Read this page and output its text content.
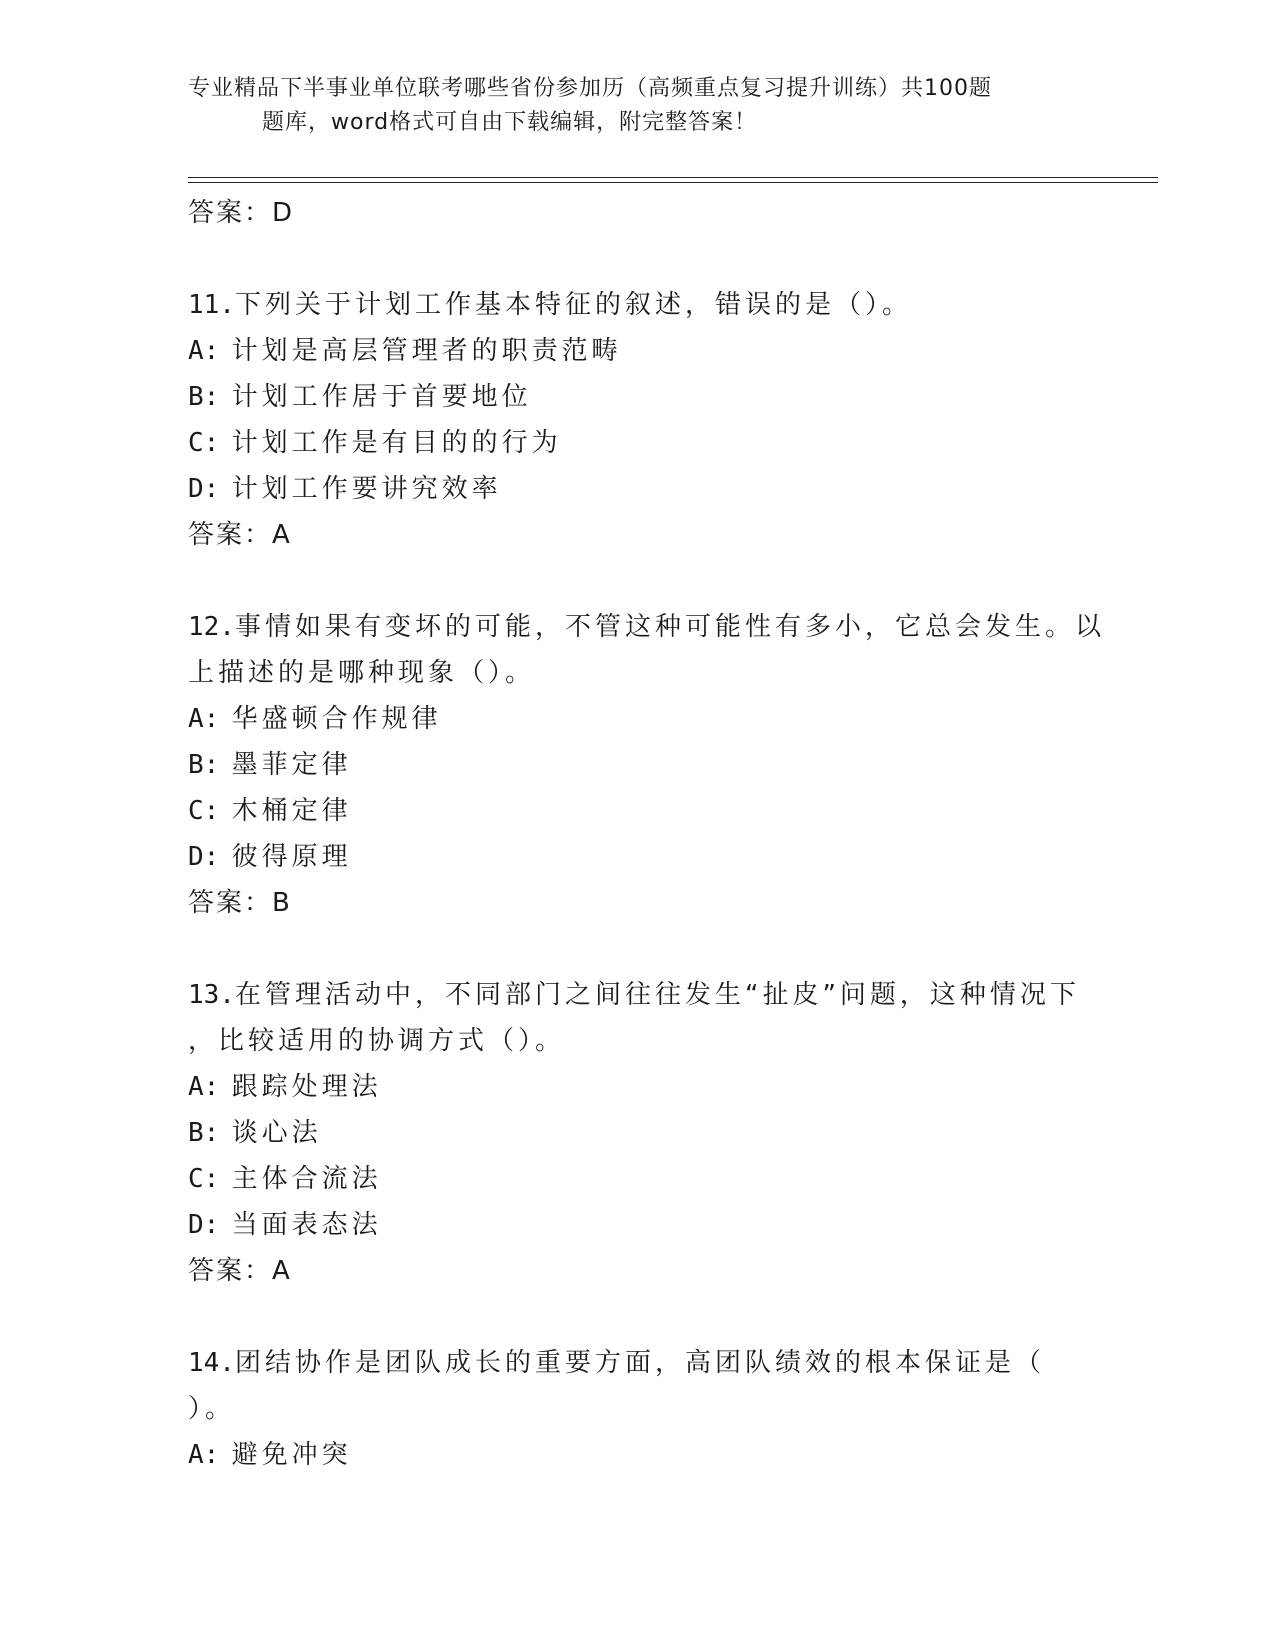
专业精品下半事业单位联考哪些省份参加历（高频重点复习提升训练）共100题
题库，word格式可自由下载编辑，附完整答案！
答案：D
11.下列关于计划工作基本特征的叙述，错误的是（）。
A: 计划是高层管理者的职责范畴
B: 计划工作居于首要地位
C: 计划工作是有目的的行为
D: 计划工作要讲究效率
答案：A
12.事情如果有变坏的可能，不管这种可能性有多小，它总会发生。以
上描述的是哪种现象（）。
A: 华盛顿合作规律
B: 墨菲定律
C: 木桶定律
D: 彼得原理
答案：B
13.在管理活动中，不同部门之间往往发生“扯皮”问题，这种情况下
，比较适用的协调方式（）。
A: 跟踪处理法
B: 谈心法
C: 主体合流法
D: 当面表态法
答案：A
14.团结协作是团队成长的重要方面，高团队绩效的根本保证是（
）。
A: 避免冲突
